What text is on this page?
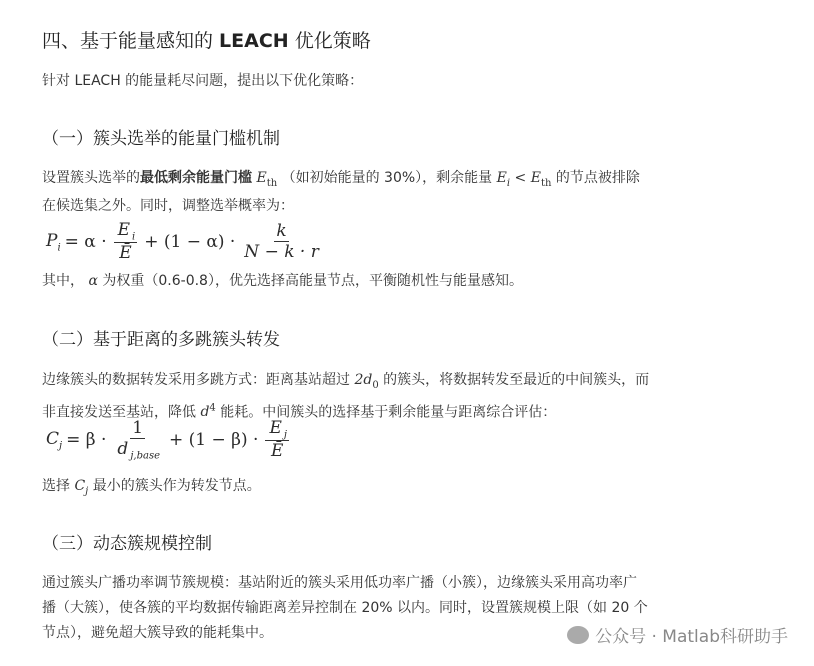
四、基于能量感知的 LEACH 优化策略
针对 LEACH 的能量耗尽问题，提出以下优化策略：
（一）簇头选举的能量门槛机制
设置簇头选举的最低剩余能量门槛 $E_{th}$ （如初始能量的 30%），剩余能量 $E_i < E_{th}$ 的节点被排除
在候选集之外。同时，调整选举概率为：
$P_i = \alpha \cdot \frac{E _i}{Ē} + (1 - \alpha) \cdot \frac{k}{N - k \cdot r}$
其中， α 为权重（0.6-0.8），优先选择高能量节点，平衡随机性与能量感知。
（二）基于距离的多跳簇头转发
边缘簇头的数据转发采用多跳方式：距离基站超过 $2d_0$ 的簇头，将数据转发至最近的中间簇头，而
非直接发送至基站，降低 $d^4$ 能耗。中间簇头的选择基于剩余能量与距离综合评估：
$C_j = \beta \cdot \frac{1}{d _{j,base}} + (1 - \beta) \cdot \frac{E _j}{Ē}$
选择 $C_j$ 最小的簇头作为转发节点。
（三）动态簇规模控制
通过簇头广播功率调节簇规模：基站附近的簇头采用低功率广播（小簇），边缘簇头采用高功率广
播（大簇），使各簇的平均数据传输距离差异控制在 20% 以内。同时，设置簇规模上限（如 20 个
节点），避免超大簇导致的能耗集中。	公众号 · Matlab科研助手
